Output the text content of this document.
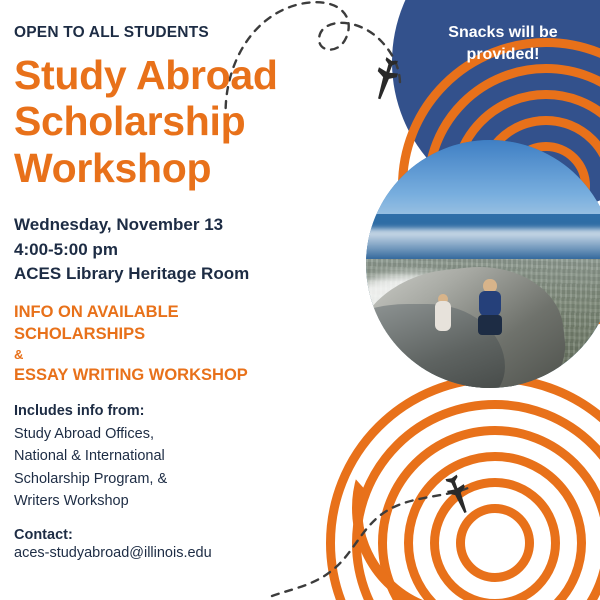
Snacks will be
provided!

OPEN TO ALL STUDENTS

Study Abroad
Scholarship
Workshop
Wednesday, November 13
4:00-5:00 pm
ACES Library Heritage Room

INFO ON AVAILABLE
SCHOLARSHIPS

&

ESSAY WRITING WORKSHOP

Includes info from:

Study Abroad Offices,
National & International
Scholarship Program, &
Writers Workshop

Contact:

aces-studyabroad@illinois.edu
